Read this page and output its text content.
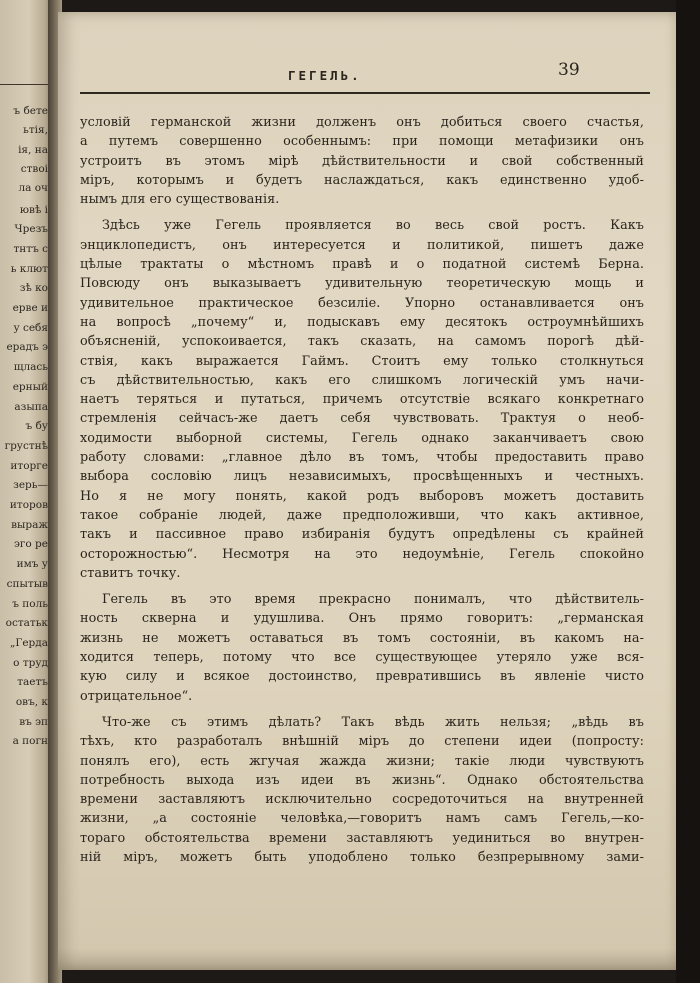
ъ бете
ьтія,
ія, на
ствоі
ла оч
ювѣ і
Чрезъ
тнтъ с
ь клют
зѣ ко
ерве и
у себя
ерадъ э
щлась
ерный
азыпа
ъ бу
грустнѣ
иторге
зерь—
иторов
выраж
эго ре
имъ у
спытыв
ъ поль
остатьк
„Герда
о труд
таетъ
овъ, к
въ эп
а погн
ГЕГЕЛЬ.	39
условій германской жизни долженъ онъ добиться своего счастья,
а путемъ совершенно особеннымъ: при помощи метафизики онъ
устроитъ въ этомъ мірѣ дѣйствительности и свой собственный
міръ, которымъ и будетъ наслаждаться, какъ единственно удоб-
нымъ для его существованія.
Здѣсь уже Гегель проявляется во весь свой ростъ. Какъ
энциклопедистъ, онъ интересуется и политикой, пишетъ даже
цѣлые трактаты о мѣстномъ правѣ и о податной системѣ Берна.
Повсюду онъ выказываетъ удивительную теоретическую мощь и
удивительное практическое безсиліе. Упорно останавливается онъ
на вопросѣ „почему“ и, подыскавъ ему десятокъ остроумнѣйшихъ
объясненій, успокоивается, такъ сказать, на самомъ порогѣ дѣй-
ствія, какъ выражается Гаймъ. Стоитъ ему только столкнуться
съ дѣйствительностью, какъ его слишкомъ логическій умъ начи-
наетъ теряться и путаться, причемъ отсутствіе всякаго конкретнаго
стремленія сейчасъ-же даетъ себя чувствовать. Трактуя о необ-
ходимости выборной системы, Гегель однако заканчиваетъ свою
работу словами: „главное дѣло въ томъ, чтобы предоставить право
выбора сословію лицъ независимыхъ, просвѣщенныхъ и честныхъ.
Но я не могу понять, какой родъ выборовъ можетъ доставить
такое собраніе людей, даже предположивши, что какъ активное,
такъ и пассивное право избиранія будутъ опредѣлены съ крайней
осторожностью“. Несмотря на это недоумѣніе, Гегель спокойно
ставитъ точку.
Гегель въ это время прекрасно понималъ, что дѣйствитель-
ность скверна и удушлива. Онъ прямо говоритъ: „германская
жизнь не можетъ оставаться въ томъ состояніи, въ какомъ на-
ходится теперь, потому что все существующее утеряло уже вся-
кую силу и всякое достоинство, превратившись въ явленіе чисто
отрицательное“.
Что-же съ этимъ дѣлать? Такъ вѣдь жить нельзя; „вѣдь въ
тѣхъ, кто разработалъ внѣшній міръ до степени идеи (попросту:
понялъ его), есть жгучая жажда жизни; такіе люди чувствуютъ
потребность выхода изъ идеи въ жизнь“. Однако обстоятельства
времени заставляютъ исключительно сосредоточиться на внутренней
жизни, „а состояніе человѣка,—говоритъ намъ самъ Гегель,—ко-
тораго обстоятельства времени заставляютъ уединиться во внутрен-
ній міръ, можетъ быть уподоблено только безпрерывному зами-
